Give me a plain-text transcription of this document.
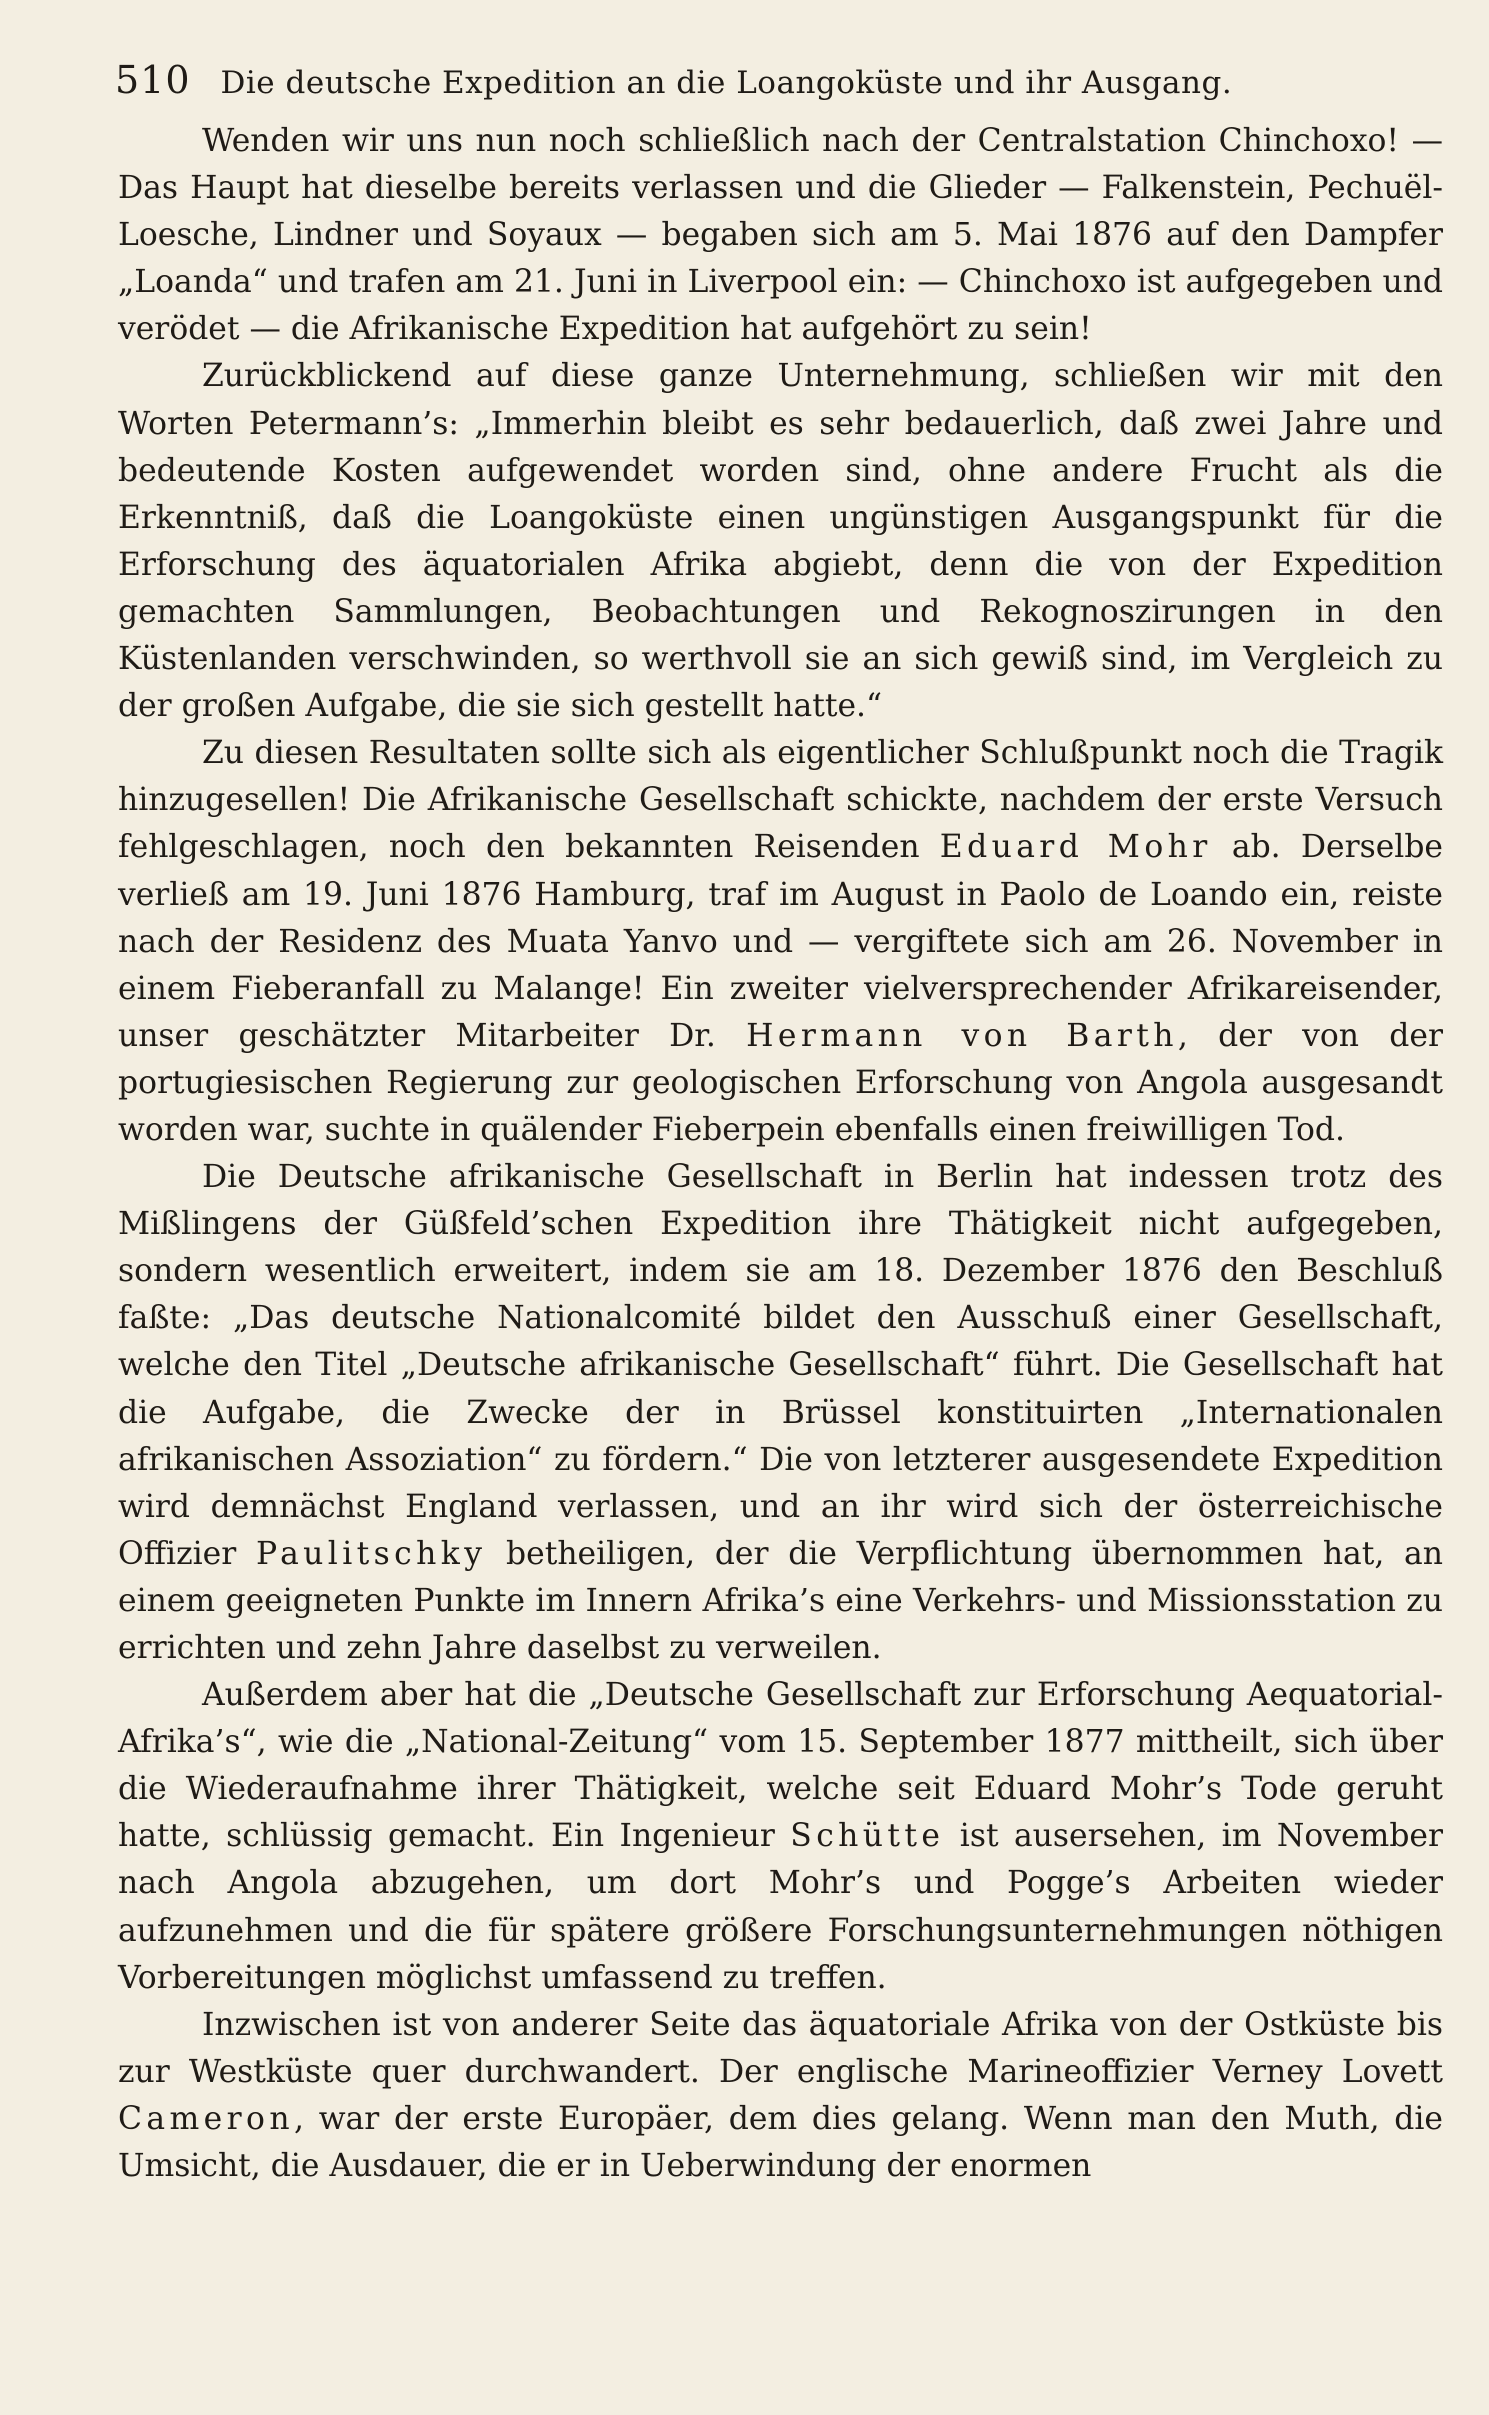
510 Die deutsche Expedition an die Loangoküste und ihr Ausgang.

Wenden wir uns nun noch schließlich nach der Centralstation Chinchoxo! — Das Haupt hat dieselbe bereits verlassen und die Glieder — Falkenstein, Pechuël-Loesche, Lindner und Soyaux — begaben sich am 5. Mai 1876 auf den Dampfer „Loanda“ und trafen am 21. Juni in Liverpool ein: — Chinchoxo ist aufgegeben und verödet — die Afrikanische Expedition hat aufgehört zu sein!

Zurückblickend auf diese ganze Unternehmung, schließen wir mit den Worten Petermann’s: „Immerhin bleibt es sehr bedauerlich, daß zwei Jahre und bedeutende Kosten aufgewendet worden sind, ohne andere Frucht als die Erkenntniß, daß die Loangoküste einen ungünstigen Ausgangspunkt für die Erforschung des äquatorialen Afrika abgiebt, denn die von der Expedition gemachten Sammlungen, Beobachtungen und Rekognoszirungen in den Küstenlanden verschwinden, so werthvoll sie an sich gewiß sind, im Vergleich zu der großen Aufgabe, die sie sich gestellt hatte.“

Zu diesen Resultaten sollte sich als eigentlicher Schlußpunkt noch die Tragik hinzugesellen! Die Afrikanische Gesellschaft schickte, nachdem der erste Versuch fehlgeschlagen, noch den bekannten Reisenden Eduard Mohr ab. Derselbe verließ am 19. Juni 1876 Hamburg, traf im August in Paolo de Loando ein, reiste nach der Residenz des Muata Yanvo und — vergiftete sich am 26. November in einem Fieberanfall zu Malange! Ein zweiter vielversprechender Afrikareisender, unser geschätzter Mitarbeiter Dr. Hermann von Barth, der von der portugiesischen Regierung zur geologischen Erforschung von Angola ausgesandt worden war, suchte in quälender Fieberpein ebenfalls einen freiwilligen Tod.

Die Deutsche afrikanische Gesellschaft in Berlin hat indessen trotz des Mißlingens der Güßfeld’schen Expedition ihre Thätigkeit nicht aufgegeben, sondern wesentlich erweitert, indem sie am 18. Dezember 1876 den Beschluß faßte: „Das deutsche Nationalcomité bildet den Ausschuß einer Gesellschaft, welche den Titel „Deutsche afrikanische Gesellschaft“ führt. Die Gesellschaft hat die Aufgabe, die Zwecke der in Brüssel konstituirten „Internationalen afrikanischen Assoziation“ zu fördern.“ Die von letzterer ausgesendete Expedition wird demnächst England verlassen, und an ihr wird sich der österreichische Offizier Paulitschky betheiligen, der die Verpflichtung übernommen hat, an einem geeigneten Punkte im Innern Afrika’s eine Verkehrs- und Missionsstation zu errichten und zehn Jahre daselbst zu verweilen.

Außerdem aber hat die „Deutsche Gesellschaft zur Erforschung Aequatorial-Afrika’s“, wie die „National-Zeitung“ vom 15. September 1877 mittheilt, sich über die Wiederaufnahme ihrer Thätigkeit, welche seit Eduard Mohr’s Tode geruht hatte, schlüssig gemacht. Ein Ingenieur Schütte ist ausersehen, im November nach Angola abzugehen, um dort Mohr’s und Pogge’s Arbeiten wieder aufzunehmen und die für spätere größere Forschungsunternehmungen nöthigen Vorbereitungen möglichst umfassend zu treffen.

Inzwischen ist von anderer Seite das äquatoriale Afrika von der Ostküste bis zur Westküste quer durchwandert. Der englische Marineoffizier Verney Lovett Cameron, war der erste Europäer, dem dies gelang. Wenn man den Muth, die Umsicht, die Ausdauer, die er in Ueberwindung der enormen
